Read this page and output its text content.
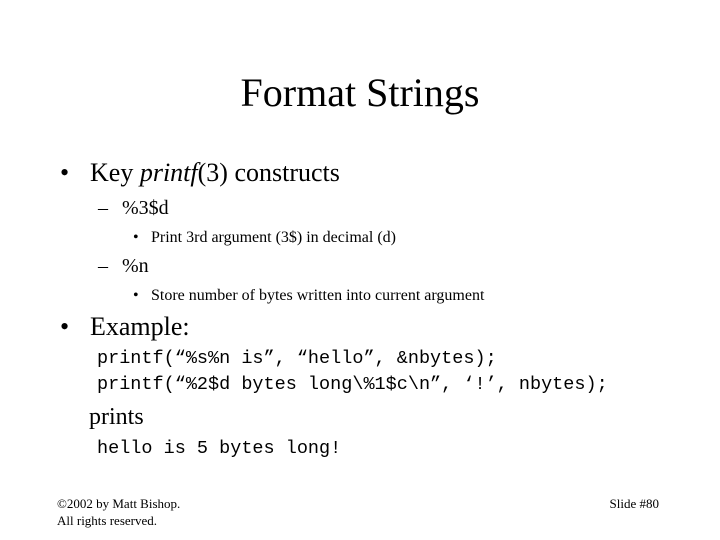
Format Strings
• Key printf(3) constructs
– %3$d
• Print 3rd argument (3$) in decimal (d)
– %n
• Store number of bytes written into current argument
• Example:
printf(“%s%n is”, “hello”, &nbytes);
printf(“%2$d bytes long\%1$c\n”, ‘!’, nbytes);
prints
hello is 5 bytes long!
©2002 by Matt Bishop.
All rights reserved.
Slide #80
